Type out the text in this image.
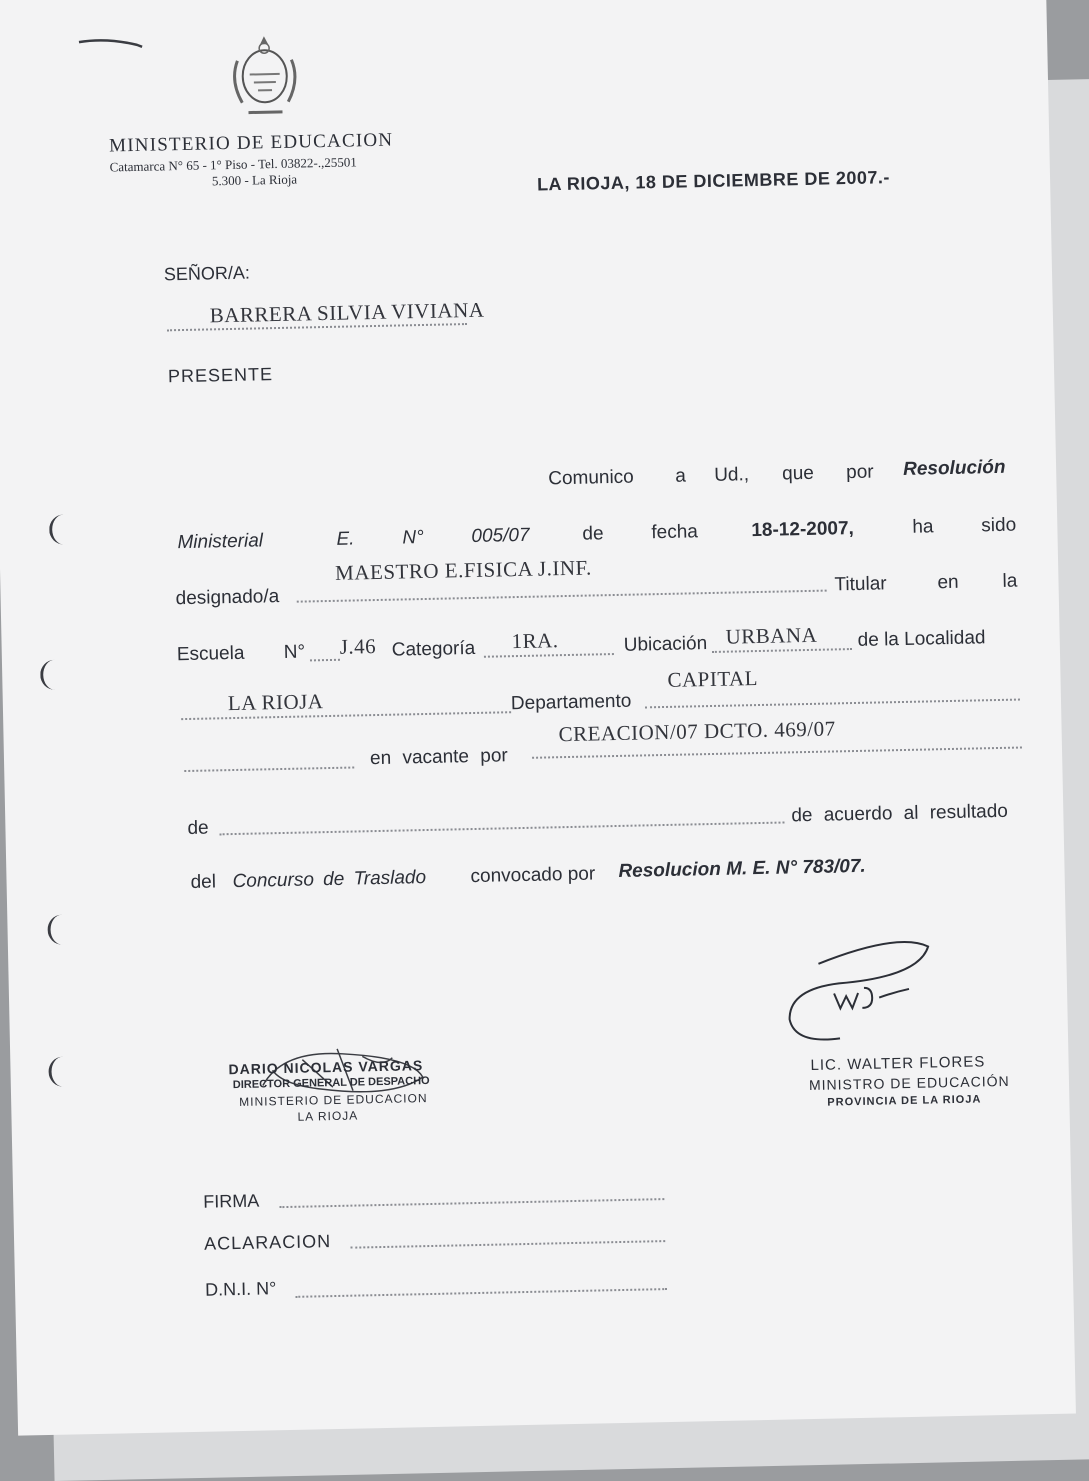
MINISTERIO DE EDUCACION
Catamarca N° 65 - 1° Piso - Tel. 03822-.,25501
5.300 - La Rioja	LA RIOJA, 18 DE DICIEMBRE DE 2007.-
SEÑOR/A:
BARRERA SILVIA VIVIANA
PRESENTE
Comunico a Ud., que por Resolución
Ministerial	E.	N° 005/07	de fecha	18-12-2007,	ha sido
designado/a
MAESTRO E.FISICA J.INF.	Titular	en la
Escuela N° J.46 Categoría 1RA.	Ubicación URBANA de la Localidad
LA RIOJA	Departamento
CAPITAL
en vacante por
CREACION/07 DCTO. 469/07
de
de acuerdo al resultado
del Concurso de Traslado convocado por Resolucion M. E. N° 783/07.
DARIO NICOLAS VARGAS
DIRECTOR GENERAL DE DESPACHO
MINISTERIO DE EDUCACION
LA RIOJA
LIC. WALTER FLORES
MINISTRO DE EDUCACIÓN
PROVINCIA DE LA RIOJA
FIRMA
ACLARACION
D.N.I. N°
